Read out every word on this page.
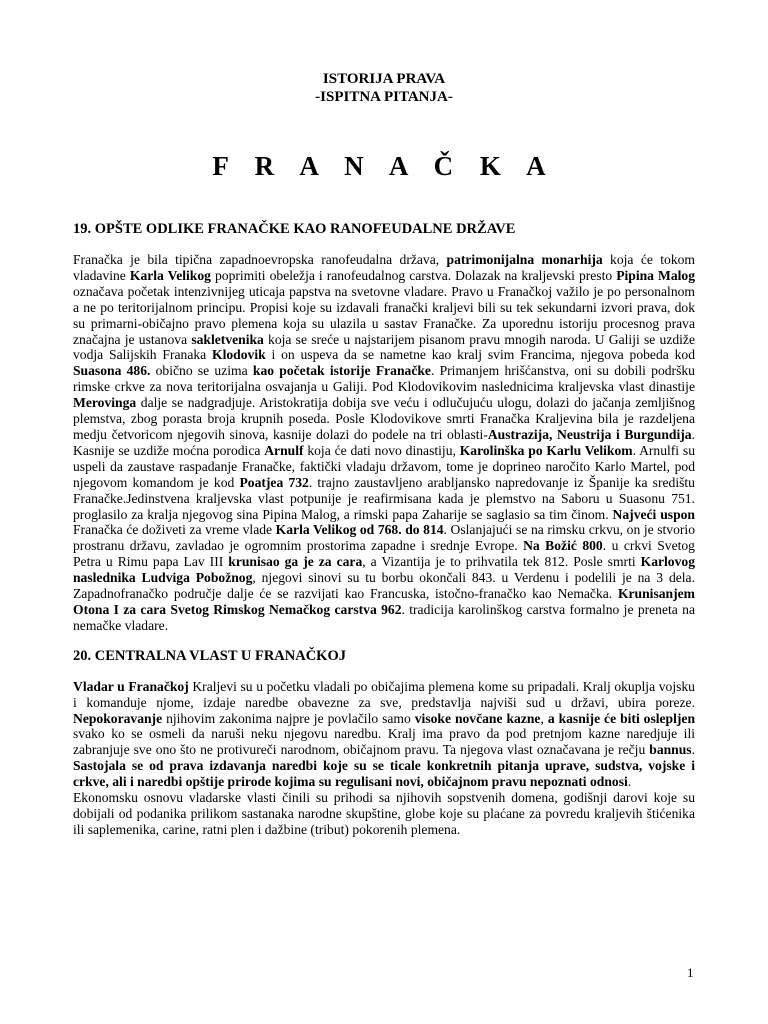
ISTORIJA PRAVA

-ISPITNA PITANJA-

F R A N A Č K A
19. OPŠTE ODLIKE FRANAČKE KAO RANOFEUDALNE DRŽAVE

Franačka je bila tipična zapadnoevropska ranofeudalna država, patrimonijalna monarhija koja će tokom vladavine Karla Velikog poprimiti obeležja i ranofeudalnog carstva. Dolazak na kraljevski presto Pipina Malog označava početak intenzivnijeg uticaja papstva na svetovne vladare. Pravo u Franačkoj važilo je po personalnom a ne po teritorijalnom principu. Propisi koje su izdavali franački kraljevi bili su tek sekundarni izvori prava, dok su primarni-običajno pravo plemena koja su ulazila u sastav Franačke. Za uporednu istoriju procesnog prava značajna je ustanova sakletvenika koja se sreće u najstarijem pisanom pravu mnogih naroda. U Galiji se uzdiže vodja Salijskih Franaka Klodovik i on uspeva da se nametne kao kralj svim Francima, njegova pobeda kod Suasona 486. obično se uzima kao početak istorije Franačke. Primanjem hrišćanstva, oni su dobili podršku rimske crkve za nova teritorijalna osvajanja u Galiji. Pod Klodovikovim naslednicima kraljevska vlast dinastije Merovinga dalje se nadgradjuje. Aristokratija dobija sve veću i odlučujuću ulogu, dolazi do jačanja zemljišnog plemstva, zbog porasta broja krupnih poseda. Posle Klodovikove smrti Franačka Kraljevina bila je razdeljena medju četvoricom njegovih sinova, kasnije dolazi do podele na tri oblasti-Austrazija, Neustrija i Burgundija. Kasnije se uzdiže moćna porodica Arnulf koja će dati novo dinastiju, Karolinška po Karlu Velikom. Arnulfi su uspeli da zaustave raspadanje Franačke, faktički vladaju državom, tome je doprineo naročito Karlo Martel, pod njegovom komandom je kod Poatjea 732. trajno zaustavljeno arabljansko napredovanje iz Španije ka središtu Franačke.Jedinstvena kraljevska vlast potpunije je reafirmisana kada je plemstvo na Saboru u Suasonu 751. proglasilo za kralja njegovog sina Pipina Malog, a rimski papa Zaharije se saglasio sa tim činom. Najveći uspon Franačka će doživeti za vreme vlade Karla Velikog od 768. do 814. Oslanjajući se na rimsku crkvu, on je stvorio prostranu državu, zavladao je ogromnim prostorima zapadne i srednje Evrope. Na Božić 800. u crkvi Svetog Petra u Rimu papa Lav III krunisao ga je za cara, a Vizantija je to prihvatila tek 812. Posle smrti Karlovog naslednika Ludviga Pobožnog, njegovi sinovi su tu borbu okončali 843. u Verdenu i podelili je na 3 dela. Zapadnofranačko područje dalje će se razvijati kao Francuska, istočno-franačko kao Nemačka. Krunisanjem Otona I za cara Svetog Rimskog Nemačkog carstva 962. tradicija karolinškog carstva formalno je preneta na nemačke vladare.

20. CENTRALNA VLAST U FRANAČKOJ

Vladar u Franačkoj Kraljevi su u početku vladali po običajima plemena kome su pripadali. Kralj okuplja vojsku i komanduje njome, izdaje naredbe obavezne za sve, predstavlja najviši sud u državi, ubira poreze. Nepokoravanje njihovim zakonima najpre je povlačilo samo visoke novčane kazne, a kasnije će biti oslepljen svako ko se osmeli da naruši neku njegovu naredbu. Kralj ima pravo da pod pretnjom kazne naredjuje ili zabranjuje sve ono što ne protivureči narodnom, običajnom pravu. Ta njegova vlast označavana je rečju bannus. Sastojala se od prava izdavanja naredbi koje su se ticale konkretnih pitanja uprave, sudstva, vojske i crkve, ali i naredbi opštije prirode kojima su regulisani novi, običajnom pravu nepoznati odnosi.

Ekonomsku osnovu vladarske vlasti činili su prihodi sa njihovih sopstvenih domena, godišnji darovi koje su dobijali od podanika prilikom sastanaka narodne skupštine, globe koje su plaćane za povredu kraljevih štićenika ili saplemenika, carine, ratni plen i dažbine (tribut) pokorenih plemena.

1
